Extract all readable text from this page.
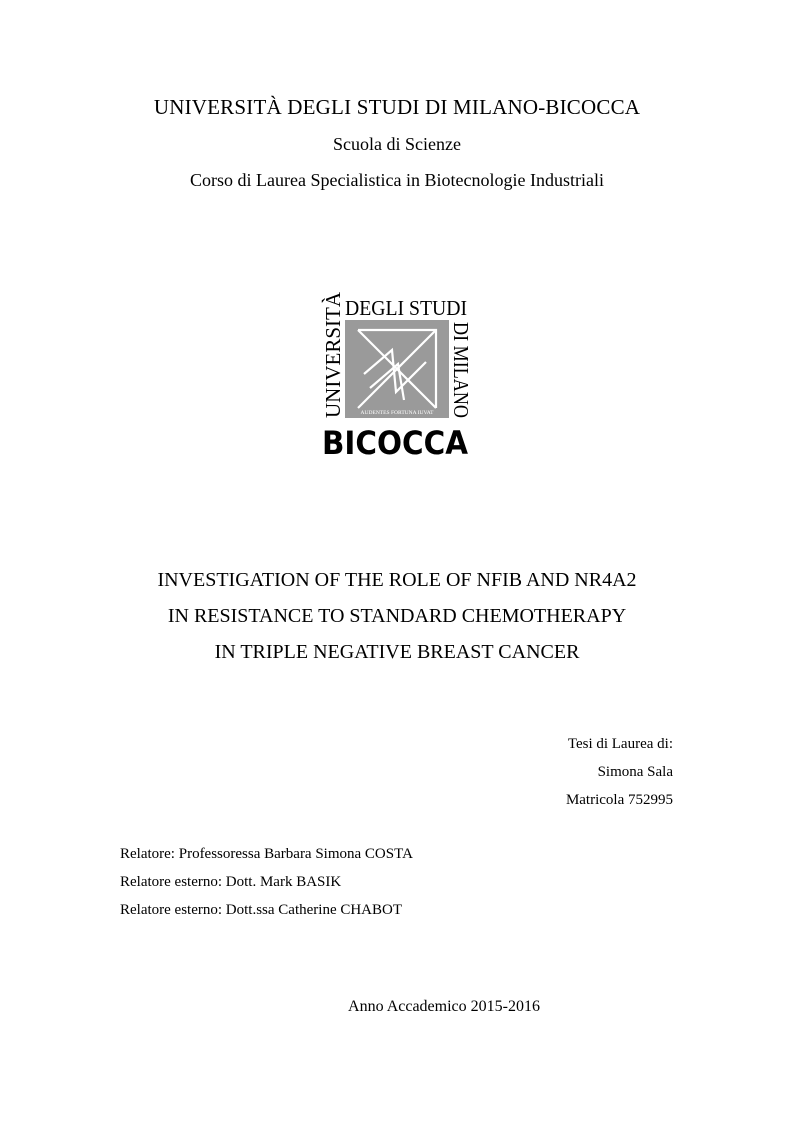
UNIVERSITÀ DEGLI STUDI DI MILANO-BICOCCA
Scuola di Scienze
Corso di Laurea Specialistica in Biotecnologie Industriali
UNIVERSITÀ DEGLI STUDI
AUDENTES FORTUNA IUVAT DI MILANO
BICOCCA
INVESTIGATION OF THE ROLE OF NFIB AND NR4A2
IN RESISTANCE TO STANDARD CHEMOTHERAPY
IN TRIPLE NEGATIVE BREAST CANCER
Tesi di Laurea di:
Simona Sala
Matricola 752995
Relatore: Professoressa Barbara Simona COSTA
Relatore esterno: Dott. Mark BASIK
Relatore esterno: Dott.ssa Catherine CHABOT
Anno Accademico 2015-2016
